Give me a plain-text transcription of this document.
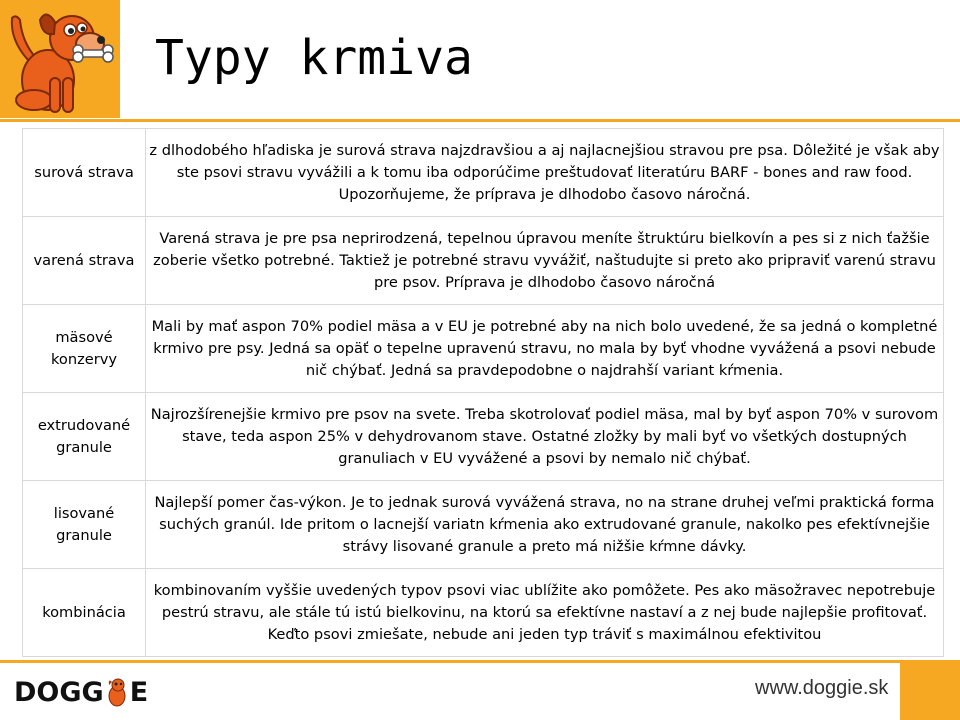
Typy krmiva
surová strava	z dlhodobého hľadiska je surová strava najzdravšiou a aj najlacnejšiou stravou pre psa. Dôležité je však aby ste psovi stravu vyvážili a k tomu iba odporúčime preštudovať literatúru BARF - bones and raw food. Upozorňujeme, že príprava je dlhodobo časovo náročná.
varená strava	Varená strava je pre psa neprirodzená, tepelnou úpravou meníte štruktúru bielkovín a pes si z nich ťažšie zoberie všetko potrebné. Taktiež je potrebné stravu vyvážiť, naštudujte si preto ako pripraviť varenú stravu pre psov. Príprava je dlhodobo časovo náročná
mäsové konzervy	Mali by mať aspon 70% podiel mäsa a v EU je potrebné aby na nich bolo uvedené, že sa jedná o kompletné krmivo pre psy. Jedná sa opäť o tepelne upravenú stravu, no mala by byť vhodne vyvážená a psovi nebude nič chýbať. Jedná sa pravdepodobne o najdrahší variant kŕmenia.
extrudované granule	Najrozšírenejšie krmivo pre psov na svete. Treba skotrolovať podiel mäsa, mal by byť aspon 70% v surovom stave, teda aspon 25% v dehydrovanom stave. Ostatné zložky by mali byť vo všetkých dostupných granuliach v EU vyvážené a psovi by nemalo nič chýbať.
lisované granule	Najlepší pomer čas-výkon. Je to jednak surová vyvážená strava, no na strane druhej veľmi praktická forma suchých granúl. Ide pritom o lacnejší variatn kŕmenia ako extrudované granule, nakolko pes efektívnejšie strávy lisované granule a preto má nižšie kŕmne dávky.
kombinácia	kombinovaním vyššie uvedených typov psovi viac ublížite ako pomôžete. Pes ako mäsožravec nepotrebuje pestrú stravu, ale stále tú istú bielkovinu, na ktorú sa efektívne nastaví a z nej bude najlepšie profitovať. Keďto psovi zmiešate, nebude ani jeden typ tráviť s maximálnou efektivitou
DOGG E	www.doggie.sk
